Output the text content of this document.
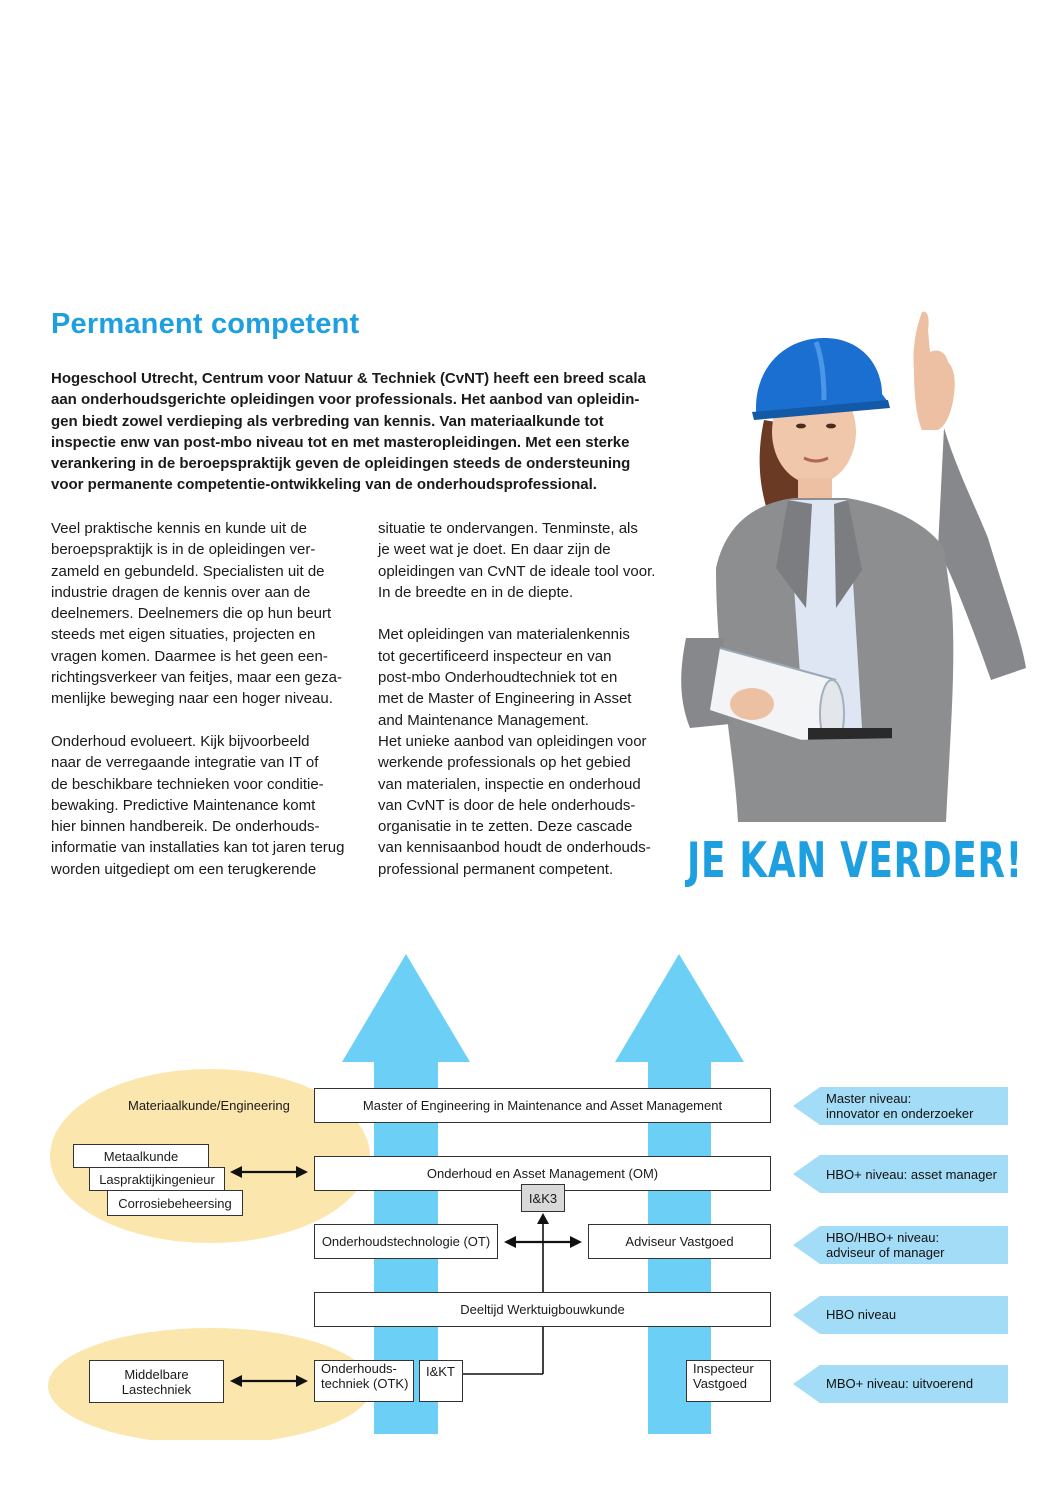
Permanent competent
Hogeschool Utrecht, Centrum voor Natuur & Techniek (CvNT) heeft een breed scala
aan onderhoudsgerichte opleidingen voor professionals. Het aanbod van opleidin-
gen biedt zowel verdieping als verbreding van kennis. Van materiaalkunde tot
inspectie enw van post-mbo niveau tot en met masteropleidingen. Met een sterke
verankering in de beroepspraktijk geven de opleidingen steeds de ondersteuning
voor permanente competentie-ontwikkeling van de onderhoudsprofessional.
Veel praktische kennis en kunde uit de
beroepspraktijk is in de opleidingen ver-
zameld en gebundeld. Specialisten uit de
industrie dragen de kennis over aan de
deelnemers. Deelnemers die op hun beurt
steeds met eigen situaties, projecten en
vragen komen. Daarmee is het geen een-
richtingsverkeer van feitjes, maar een geza-
menlijke beweging naar een hoger niveau.
Onderhoud evolueert. Kijk bijvoorbeeld
naar de verregaande integratie van IT of
de beschikbare technieken voor conditie-
bewaking. Predictive Maintenance komt
hier binnen handbereik. De onderhouds-
informatie van installaties kan tot jaren terug
worden uitgediept om een terugkerende
situatie te ondervangen. Tenminste, als
je weet wat je doet. En daar zijn de
opleidingen van CvNT de ideale tool voor.
In de breedte en in de diepte.
Met opleidingen van materialenkennis
tot gecertificeerd inspecteur en van
post-mbo Onderhoudtechniek tot en
met de Master of Engineering in Asset
and Maintenance Management.
Het unieke aanbod van opleidingen voor
werkende professionals op het gebied
van materialen, inspectie en onderhoud
van CvNT is door de hele onderhouds-
organisatie in te zetten. Deze cascade
van kennisaanbod houdt de onderhouds-
professional permanent competent.	JE KAN VERDER!
Materiaalkunde/Engineering
Metaalkunde
Laspraktijkingenieur
Corrosiebeheersing
Master of Engineering in Maintenance and Asset Management
Onderhoud en Asset Management (OM)
I&K3
Onderhoudstechnologie (OT)	Adviseur Vastgoed
Deeltijd Werktuigbouwkunde
Middelbare
Lastechniek
Onderhouds-
techniek (OTK)
I&KT	Inspecteur
Vastgoed
Master niveau:
innovator en onderzoeker
HBO+ niveau: asset manager
HBO/HBO+ niveau:
adviseur of manager
HBO niveau
MBO+ niveau: uitvoerend
